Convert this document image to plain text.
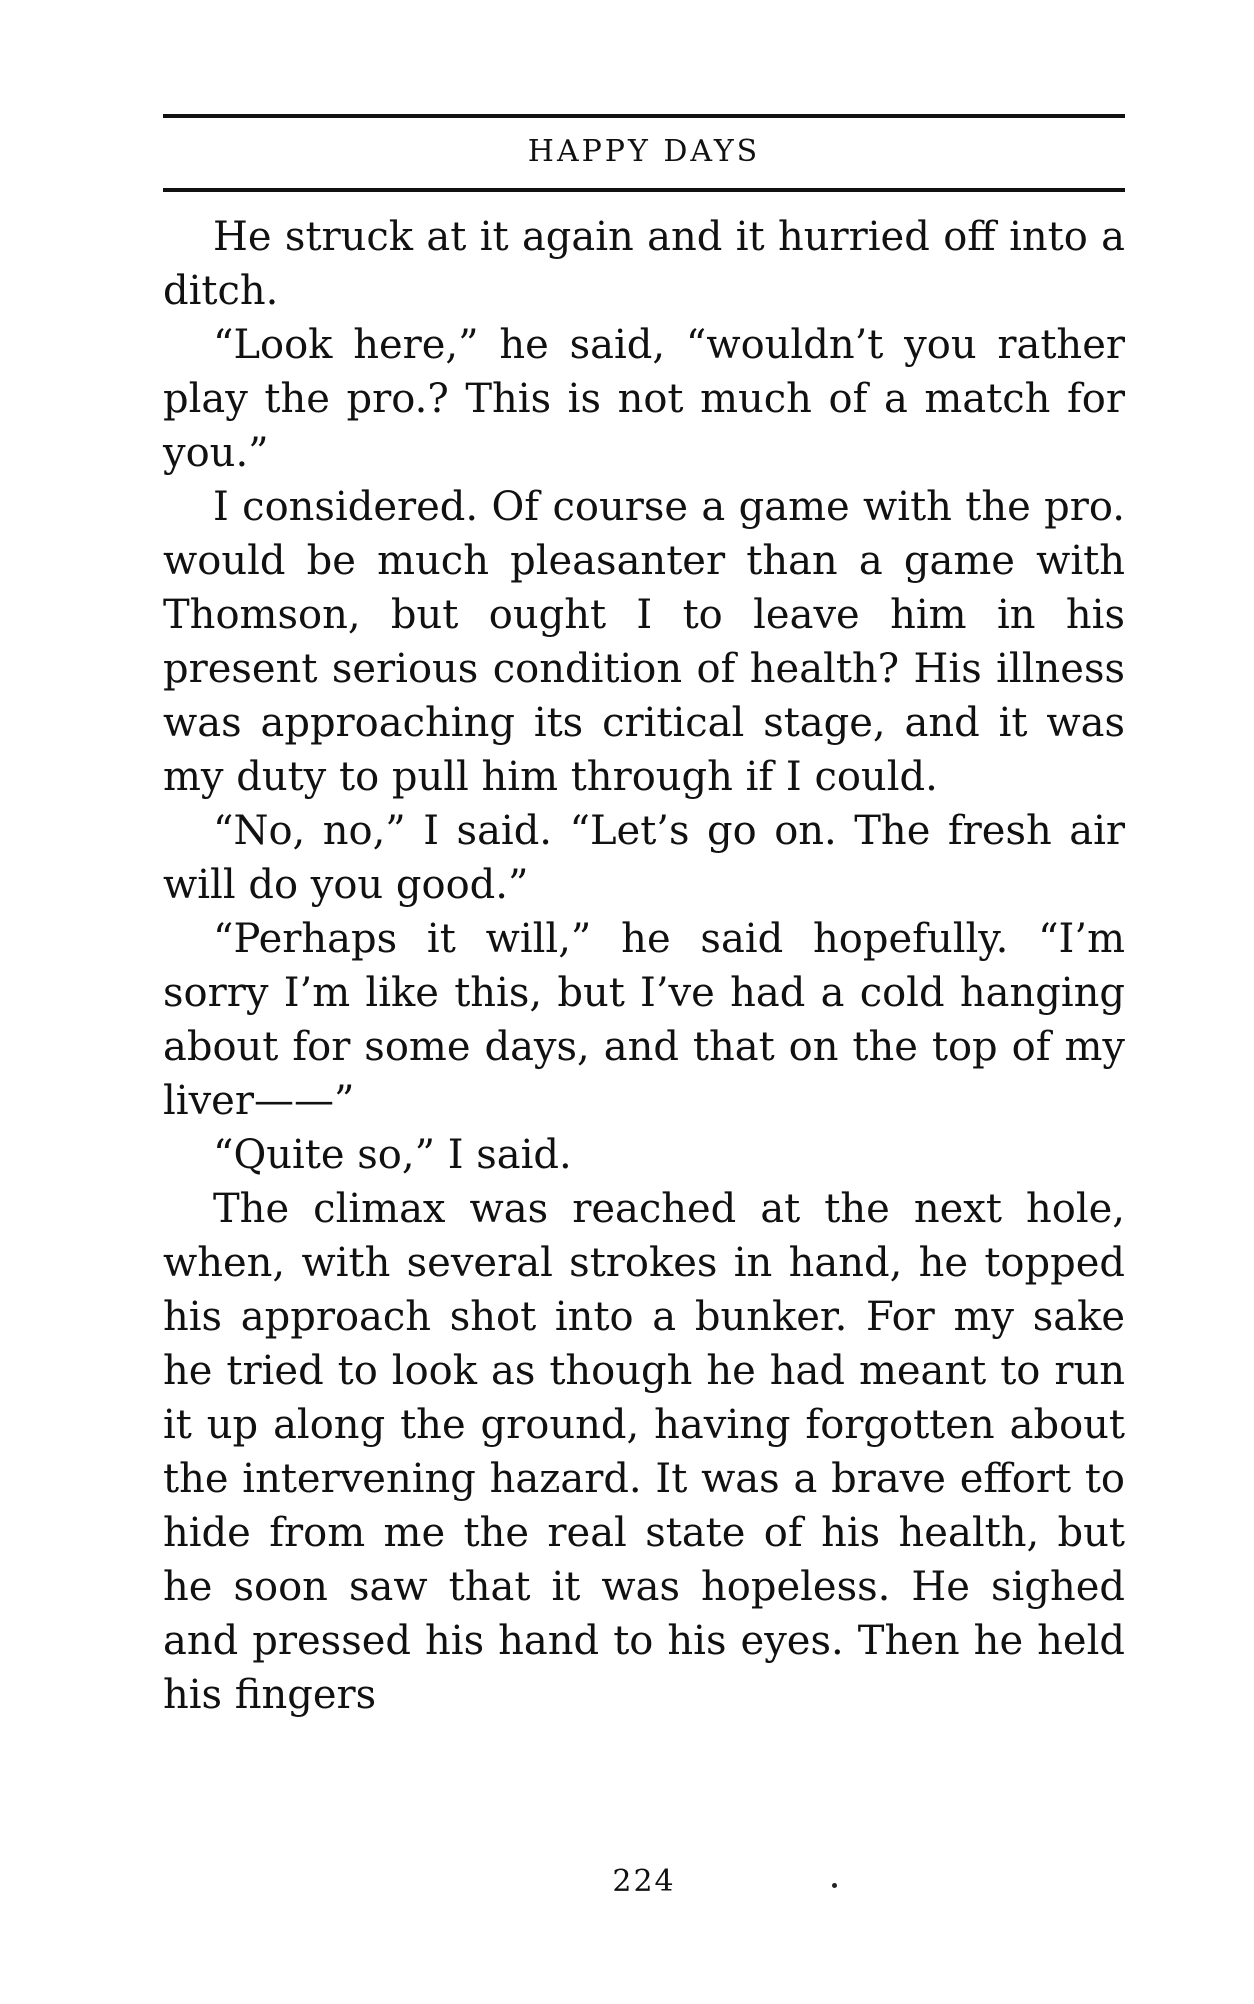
HAPPY DAYS

He struck at it again and it hurried off into a ditch.

“Look here,” he said, “wouldn’t you rather play the pro.? This is not much of a match for you.”

I considered. Of course a game with the pro. would be much pleasanter than a game with Thomson, but ought I to leave him in his present serious condition of health? His illness was approaching its critical stage, and it was my duty to pull him through if I could.

“No, no,” I said. “Let’s go on. The fresh air will do you good.”

“Perhaps it will,” he said hopefully. “I’m sorry I’m like this, but I’ve had a cold hanging about for some days, and that on the top of my liver——”

“Quite so,” I said.

The climax was reached at the next hole, when, with several strokes in hand, he topped his approach shot into a bunker. For my sake he tried to look as though he had meant to run it up along the ground, having forgotten about the intervening hazard. It was a brave effort to hide from me the real state of his health, but he soon saw that it was hopeless. He sighed and pressed his hand to his eyes. Then he held his fingers

224
